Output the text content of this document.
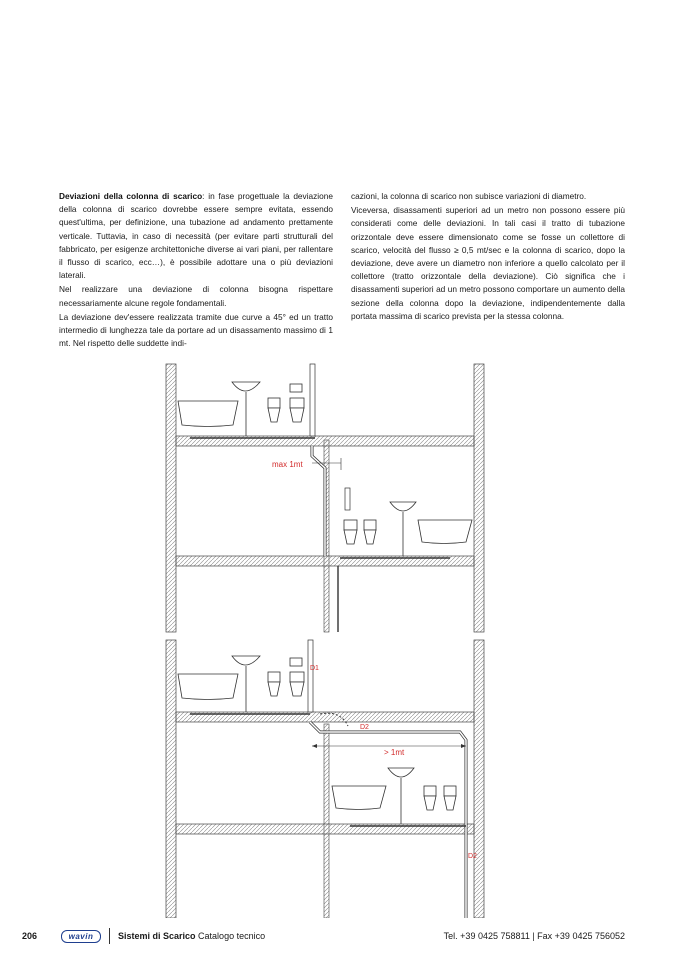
Deviazioni della colonna di scarico: in fase progettuale la deviazione della colonna di scarico dovrebbe essere sempre evitata, essendo quest'ultima, per definizione, una tubazione ad andamento prettamente verticale. Tuttavia, in caso di necessità (per evitare parti strutturali del fabbricato, per esigenze architettoniche diverse ai vari piani, per rallentare il flusso di scarico, ecc…), è possibile adottare una o più deviazioni laterali.

Nel realizzare una deviazione di colonna bisogna rispettare necessariamente alcune regole fondamentali.

La deviazione dev'essere realizzata tramite due curve a 45° ed un tratto intermedio di lunghezza tale da portare ad un disassamento massimo di 1 mt. Nel rispetto delle suddette indi-

cazioni, la colonna di scarico non subisce variazioni di diametro.

Viceversa, disassamenti superiori ad un metro non possono essere più considerati come delle deviazioni. In tali casi il tratto di tubazione orizzontale deve essere dimensionato come se fosse un collettore di scarico, velocità del flusso ≥ 0,5 mt/sec e la colonna di scarico, dopo la deviazione, deve avere un diametro non inferiore a quello calcolato per il collettore (tratto orizzontale della deviazione). Ciò significa che i disassamenti superiori ad un metro possono comportare un aumento della sezione della colonna dopo la deviazione, indipendentemente dalla portata massima di scarico prevista per la stessa colonna.

max 1mt
D1
D2
> 1mt
D2
206	wavin	Sistemi di Scarico Catalogo tecnico	Tel. +39 0425 758811 | Fax +39 0425 756052
